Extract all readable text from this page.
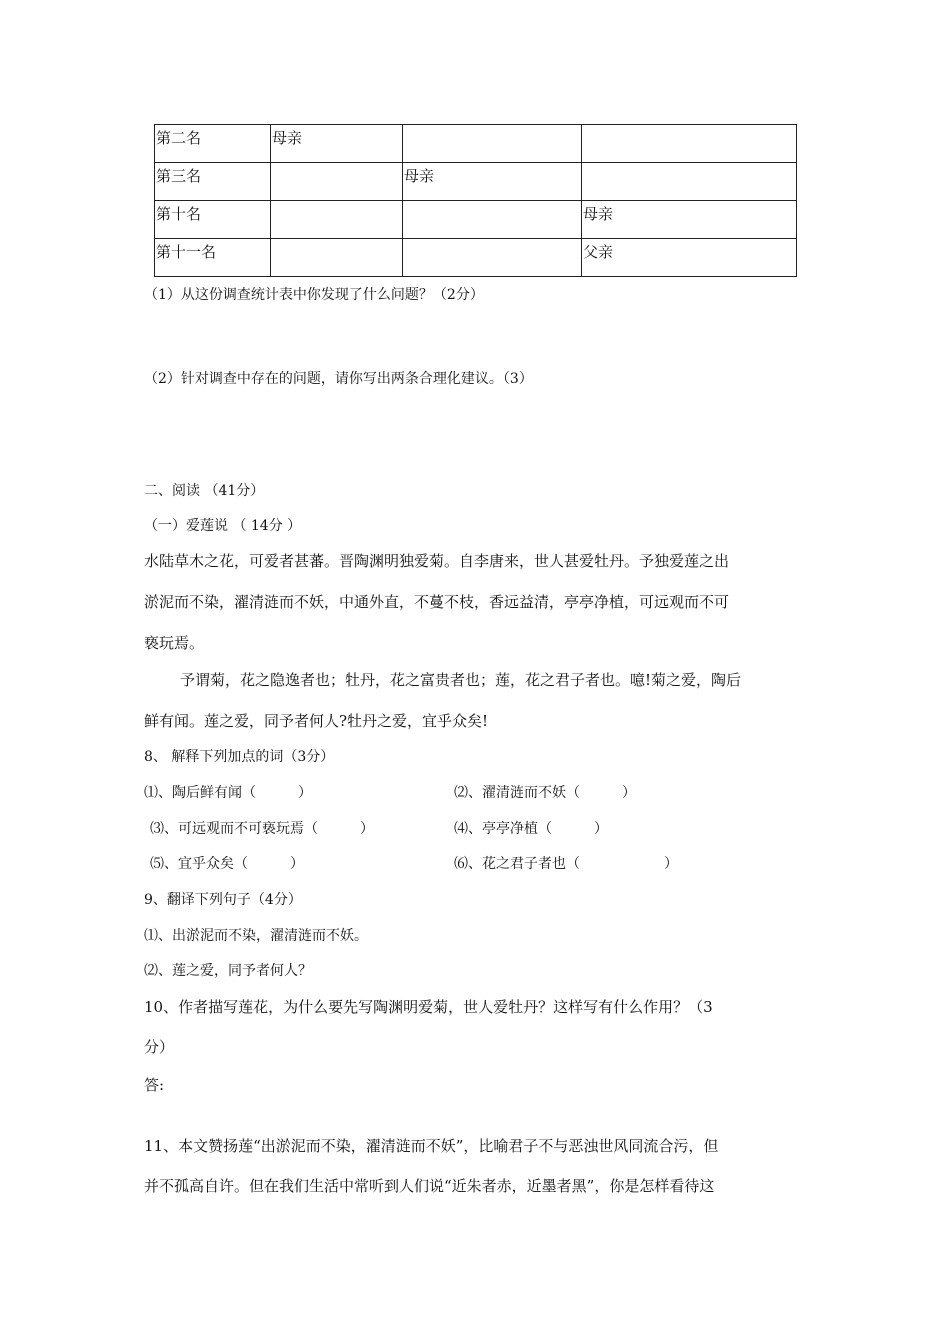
第二名	母亲		
第三名		母亲	
第十名			母亲
第十一名			父亲
（1）从这份调查统计表中你发现了什么问题？（2分）
（2）针对调查中存在的问题，请你写出两条合理化建议。（3）
二、阅读 （41分）
（一）爱莲说 （ 14分 ）
水陆草木之花，可爱者甚蕃。晋陶渊明独爱菊。自李唐来，世人甚爱牡丹。予独爱莲之出
淤泥而不染，濯清涟而不妖，中通外直，不蔓不枝，香远益清，亭亭净植，可远观而不可
亵玩焉。
予谓菊，花之隐逸者也；牡丹，花之富贵者也；莲，花之君子者也。噫!菊之爱，陶后
鲜有闻。莲之爱，同予者何人?牡丹之爱，宜乎众矣!
8、 解释下列加点的词（3分）
⑴、陶后鲜有闻（　　　）	⑵、濯清涟而不妖（　　　）
⑶、可远观而不可亵玩焉（　　　）	⑷、亭亭净植（　　　）
⑸、宜乎众矣（　　　）	⑹、花之君子者也（　　　　　　）
9、翻译下列句子（4分）
⑴、出淤泥而不染，濯清涟而不妖。
⑵、莲之爱，同予者何人？
10、作者描写莲花，为什么要先写陶渊明爱菊，世人爱牡丹？这样写有什么作用？（3
分）
答:
11、本文赞扬莲“出淤泥而不染，濯清涟而不妖”，比喻君子不与恶浊世风同流合污，但
并不孤高自许。但在我们生活中常听到人们说“近朱者赤，近墨者黑”，你是怎样看待这
